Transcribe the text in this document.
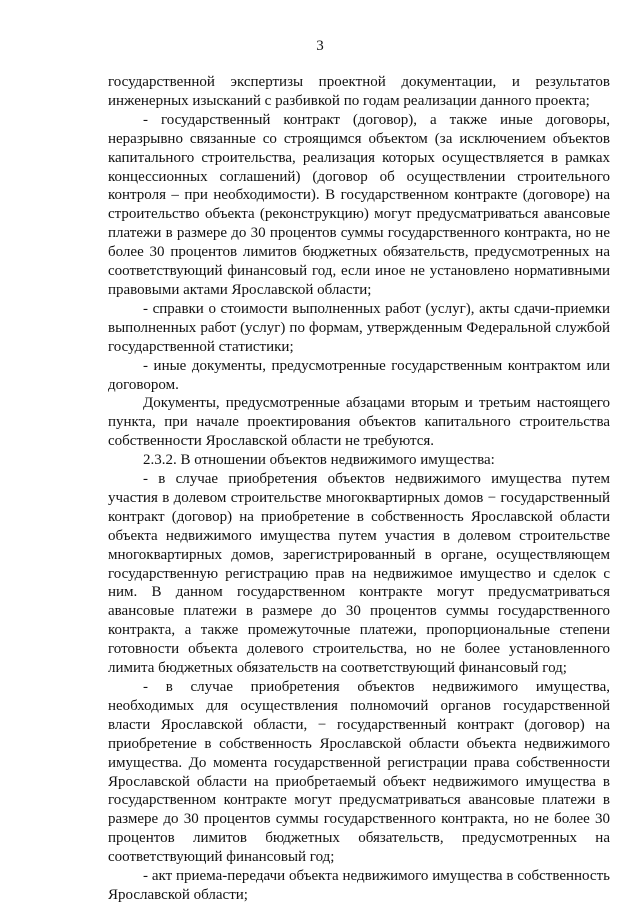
3

государственной экспертизы проектной документации, и результатов инженерных изысканий с разбивкой по годам реализации данного проекта;

- государственный контракт (договор), а также иные договоры, неразрывно связанные со строящимся объектом (за исключением объектов капитального строительства, реализация которых осуществляется в рамках концессионных соглашений) (договор об осуществлении строительного контроля – при необходимости). В государственном контракте (договоре) на строительство объекта (реконструкцию) могут предусматриваться авансовые платежи в размере до 30 процентов суммы государственного контракта, но не более 30 процентов лимитов бюджетных обязательств, предусмотренных на соответствующий финансовый год, если иное не установлено нормативными правовыми актами Ярославской области;

- справки о стоимости выполненных работ (услуг), акты сдачи-приемки выполненных работ (услуг) по формам, утвержденным Федеральной службой государственной статистики;

- иные документы, предусмотренные государственным контрактом или договором.

Документы, предусмотренные абзацами вторым и третьим настоящего пункта, при начале проектирования объектов капитального строительства собственности Ярославской области не требуются.

2.3.2. В отношении объектов недвижимого имущества:

- в случае приобретения объектов недвижимого имущества путем участия в долевом строительстве многоквартирных домов − государственный контракт (договор) на приобретение в собственность Ярославской области объекта недвижимого имущества путем участия в долевом строительстве многоквартирных домов, зарегистрированный в органе, осуществляющем государственную регистрацию прав на недвижимое имущество и сделок с ним. В данном государственном контракте могут предусматриваться авансовые платежи в размере до 30 процентов суммы государственного контракта, а также промежуточные платежи, пропорциональные степени готовности объекта долевого строительства, но не более установленного лимита бюджетных обязательств на соответствующий финансовый год;

- в случае приобретения объектов недвижимого имущества, необходимых для осуществления полномочий органов государственной власти Ярославской области, − государственный контракт (договор) на приобретение в собственность Ярославской области объекта недвижимого имущества. До момента государственной регистрации права собственности Ярославской области на приобретаемый объект недвижимого имущества в государственном контракте могут предусматриваться авансовые платежи в размере до 30 процентов суммы государственного контракта, но не более 30 процентов лимитов бюджетных обязательств, предусмотренных на соответствующий финансовый год;

- акт приема-передачи объекта недвижимого имущества в собственность Ярославской области;
